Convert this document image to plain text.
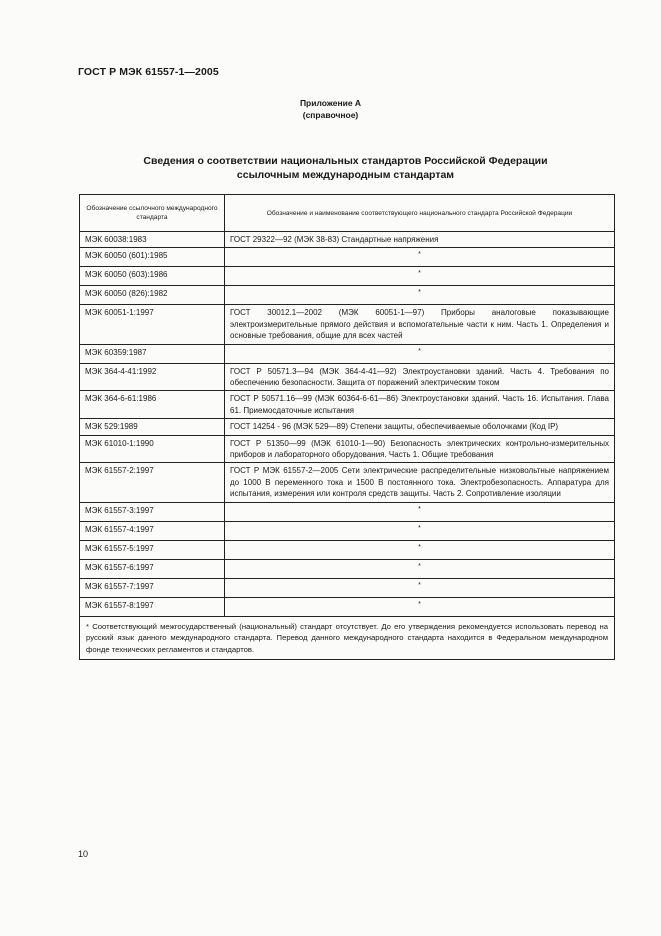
ГОСТ Р МЭК 61557-1—2005
Приложение А
(справочное)
Сведения о соответствии национальных стандартов Российской Федерации
ссылочным международным стандартам
Обозначение ссылочного международного стандарта	Обозначение и наименование соответствующего национального стандарта Российской Федерации
МЭК 60038:1983	ГОСТ 29322—92 (МЭК 38-83) Стандартные напряжения
МЭК 60050 (601):1985	*
МЭК 60050 (603):1986	*
МЭК 60050 (826):1982	*
МЭК 60051-1:1997	ГОСТ 30012.1—2002 (МЭК 60051-1—97) Приборы аналоговые показывающие электроизмерительные прямого действия и вспомогательные части к ним. Часть 1. Определения и основные требования, общие для всех частей
МЭК 60359:1987	*
МЭК 364-4-41:1992	ГОСТ Р 50571.3—94 (МЭК 364-4-41—92) Электроустановки зданий. Часть 4. Требования по обеспечению безопасности. Защита от поражений электрическим током
МЭК 364-6-61:1986	ГОСТ Р 50571.16—99 (МЭК 60364-6-61—86) Электроустановки зданий. Часть 16. Испытания. Глава 61. Приемосдаточные испытания
МЭК 529:1989	ГОСТ 14254 - 96 (МЭК 529—89) Степени защиты, обеспечиваемые оболочками (Код IP)
МЭК 61010-1:1990	ГОСТ Р 51350—99 (МЭК 61010-1—90) Безопасность электрических контрольно-измерительных приборов и лабораторного оборудования. Часть 1. Общие требования
МЭК 61557-2:1997	ГОСТ Р МЭК 61557-2—2005 Сети электрические распределительные низковольтные напряжением до 1000 В переменного тока и 1500 В постоянного тока. Электробезопасность. Аппаратура для испытания, измерения или контроля средств защиты. Часть 2. Сопротивление изоляции
МЭК 61557-3:1997	*
МЭК 61557-4:1997	*
МЭК 61557-5:1997	*
МЭК 61557-6:1997	*
МЭК 61557-7:1997	*
МЭК 61557-8:1997	*
* Соответствующий межгосударственный (национальный) стандарт отсутствует. До его утверждения рекомендуется использовать перевод на русский язык данного международного стандарта. Перевод данного международного стандарта находится в Федеральном международном фонде технических регламентов и стандартов.	
10
